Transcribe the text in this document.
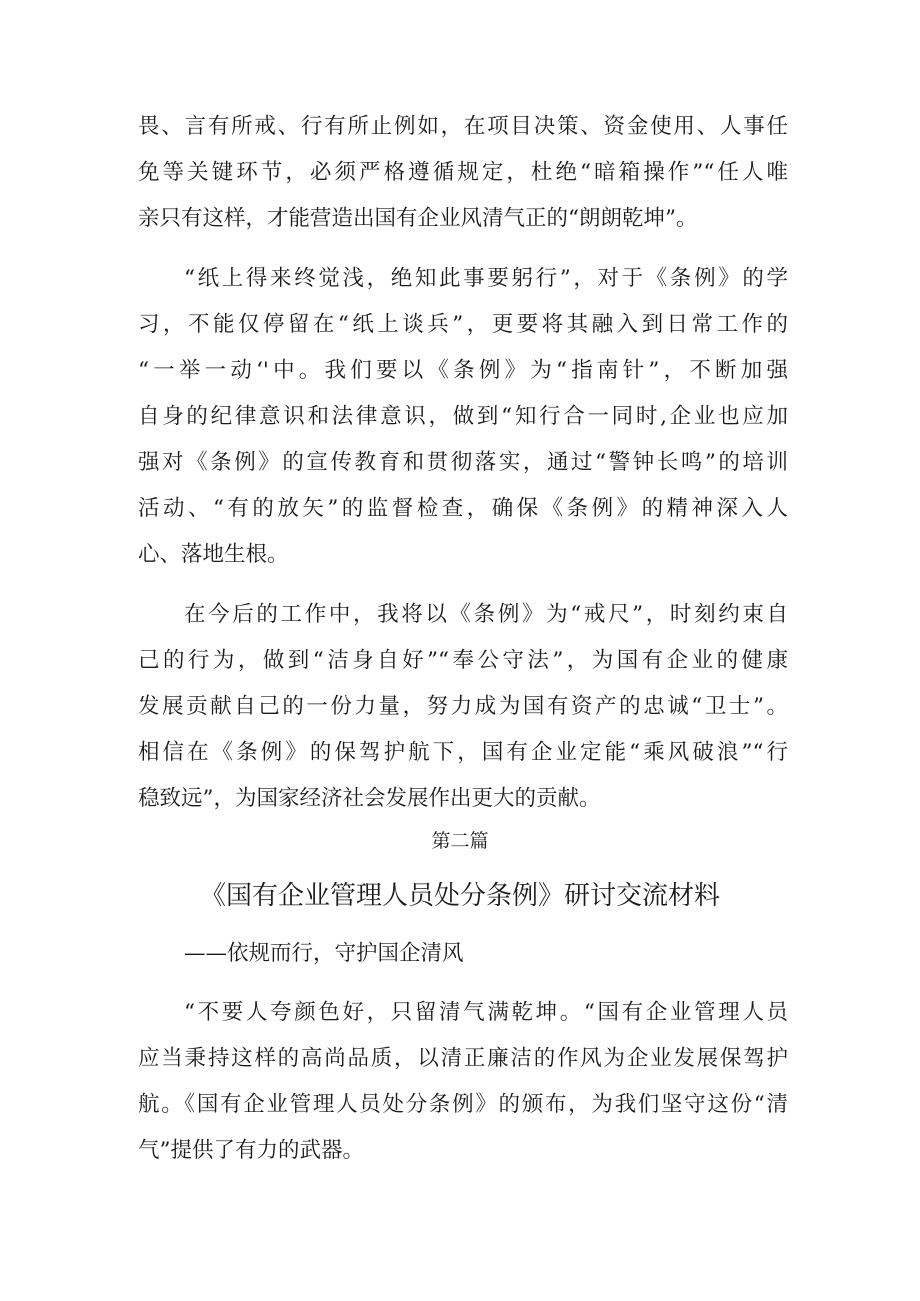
畏、言有所戒、行有所止例如，在项目决策、资金使用、人事任
免等关键环节，必须严格遵循规定，杜绝“暗箱操作”“任人唯
亲只有这样，才能营造出国有企业风清气正的“朗朗乾坤”。
“纸上得来终觉浅，绝知此事要躬行”，对于《条例》的学
习，不能仅停留在“纸上谈兵”，更要将其融入到日常工作的
“一举一动‘'中。我们要以《条例》为“指南针”，不断加强
自身的纪律意识和法律意识，做到“知行合一同时,企业也应加
强对《条例》的宣传教育和贯彻落实，通过“警钟长鸣”的培训
活动、“有的放矢”的监督检查，确保《条例》的精神深入人
心、落地生根。
在今后的工作中，我将以《条例》为“戒尺”，时刻约束自
己的行为，做到“洁身自好”“奉公守法”，为国有企业的健康
发展贡献自己的一份力量，努力成为国有资产的忠诚“卫士”。
相信在《条例》的保驾护航下，国有企业定能“乘风破浪”“行
稳致远”，为国家经济社会发展作出更大的贡献。
第二篇
《国有企业管理人员处分条例》研讨交流材料
——依规而行，守护国企清风
“不要人夸颜色好，只留清气满乾坤。“国有企业管理人员
应当秉持这样的高尚品质，以清正廉洁的作风为企业发展保驾护
航。《国有企业管理人员处分条例》的颁布，为我们坚守这份“清
气”提供了有力的武器。
